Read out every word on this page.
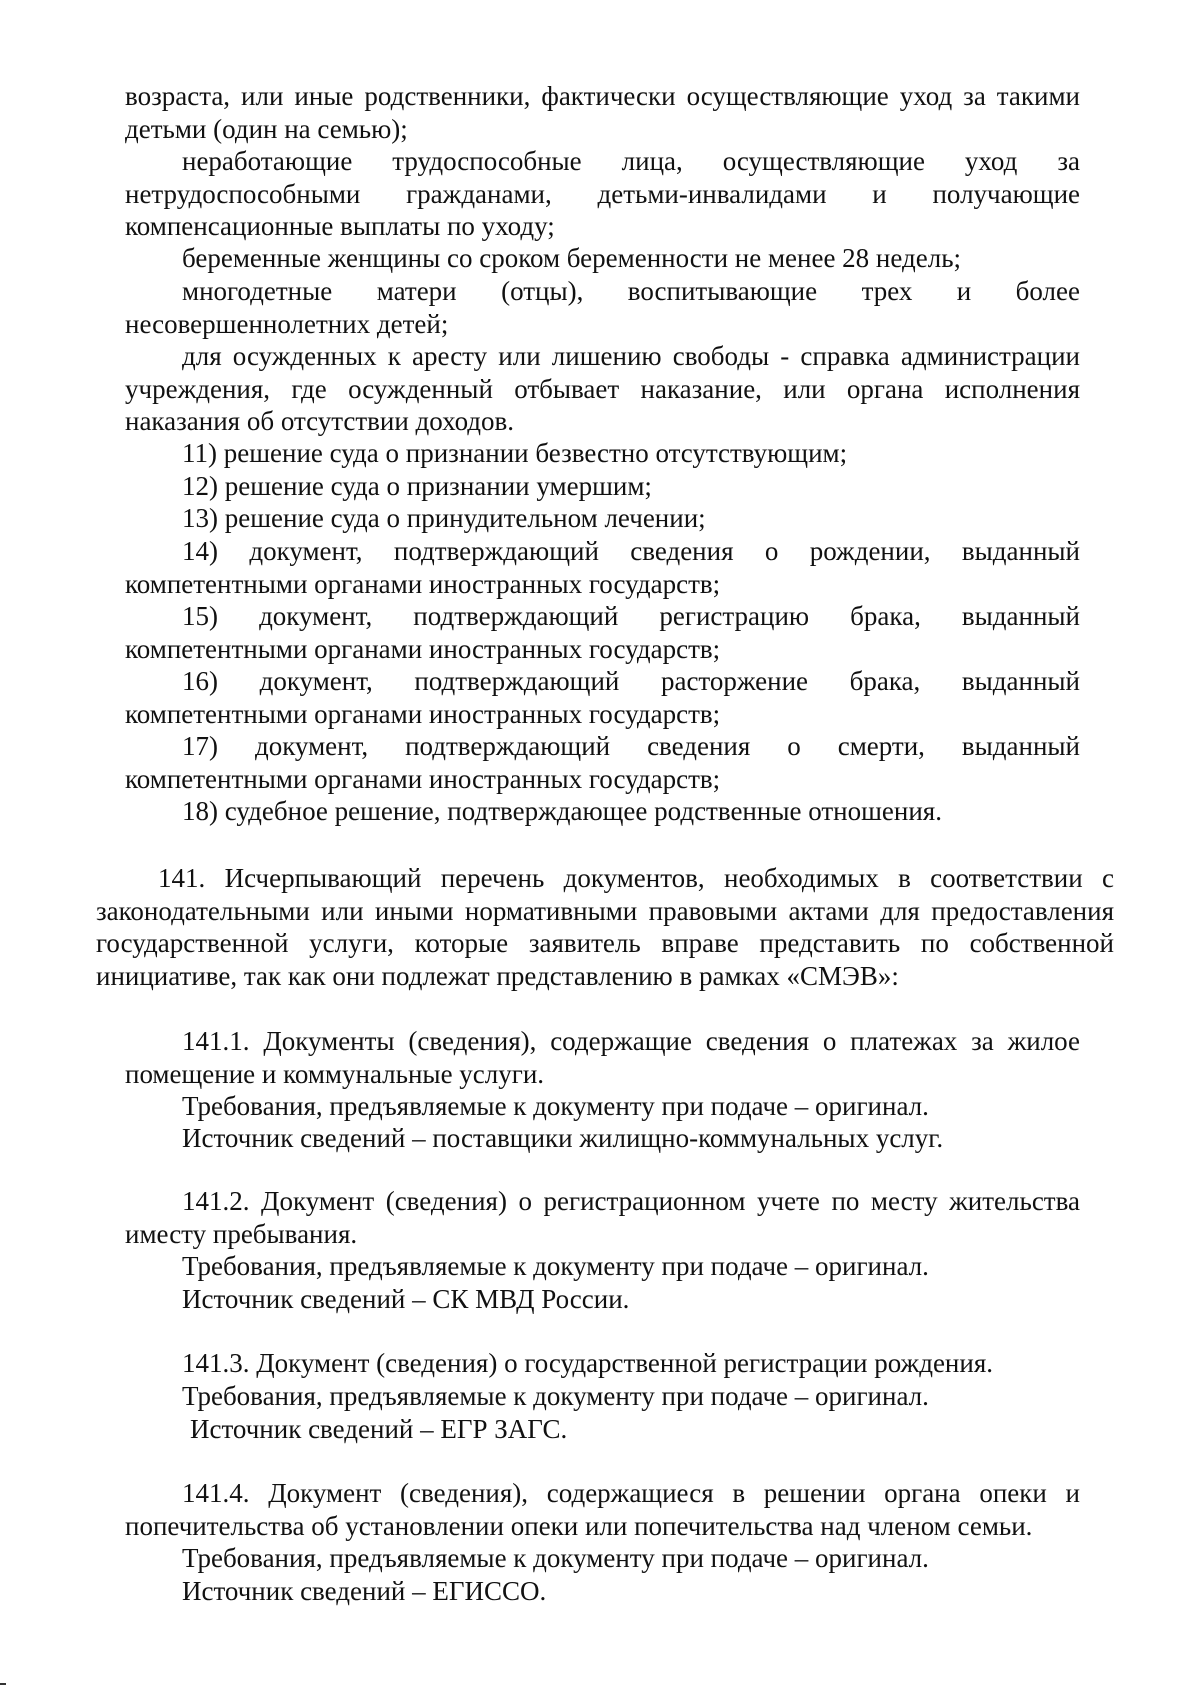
возраста, или иные родственники, фактически осуществляющие уход за такими детьми (один на семью);

неработающие трудоспособные лица, осуществляющие уход за нетрудоспособными гражданами, детьми-инвалидами и получающие компенсационные выплаты по уходу;

беременные женщины со сроком беременности не менее 28 недель;

многодетные матери (отцы), воспитывающие трех и более несовершеннолетних детей;

для осужденных к аресту или лишению свободы - справка администрации учреждения, где осужденный отбывает наказание, или органа исполнения наказания об отсутствии доходов.

11) решение суда о признании безвестно отсутствующим;

12) решение суда о признании умершим;

13) решение суда о принудительном лечении;

14) документ, подтверждающий сведения о рождении, выданный компетентными органами иностранных государств;

15) документ, подтверждающий регистрацию брака, выданный компетентными органами иностранных государств;

16) документ, подтверждающий расторжение брака, выданный компетентными органами иностранных государств;

17) документ, подтверждающий сведения о смерти, выданный компетентными органами иностранных государств;

18) судебное решение, подтверждающее родственные отношения.

141. Исчерпывающий перечень документов, необходимых в соответствии с законодательными или иными нормативными правовыми актами для предоставления государственной услуги, которые заявитель вправе представить по собственной инициативе, так как они подлежат представлению в рамках «СМЭВ»:

141.1. Документы (сведения), содержащие сведения о платежах за жилое помещение и коммунальные услуги.

Требования, предъявляемые к документу при подаче – оригинал.

Источник сведений – поставщики жилищно-коммунальных услуг.

141.2. Документ (сведения) о регистрационном учете по месту жительства иместу пребывания.

Требования, предъявляемые к документу при подаче – оригинал.

Источник сведений – СК МВД России.

141.3. Документ (сведения) о государственной регистрации рождения.

Требования, предъявляемые к документу при подаче – оригинал.

Источник сведений – ЕГР ЗАГС.

141.4. Документ (сведения), содержащиеся в решении органа опеки и попечительства об установлении опеки или попечительства над членом семьи.

Требования, предъявляемые к документу при подаче – оригинал.

Источник сведений – ЕГИССО.
